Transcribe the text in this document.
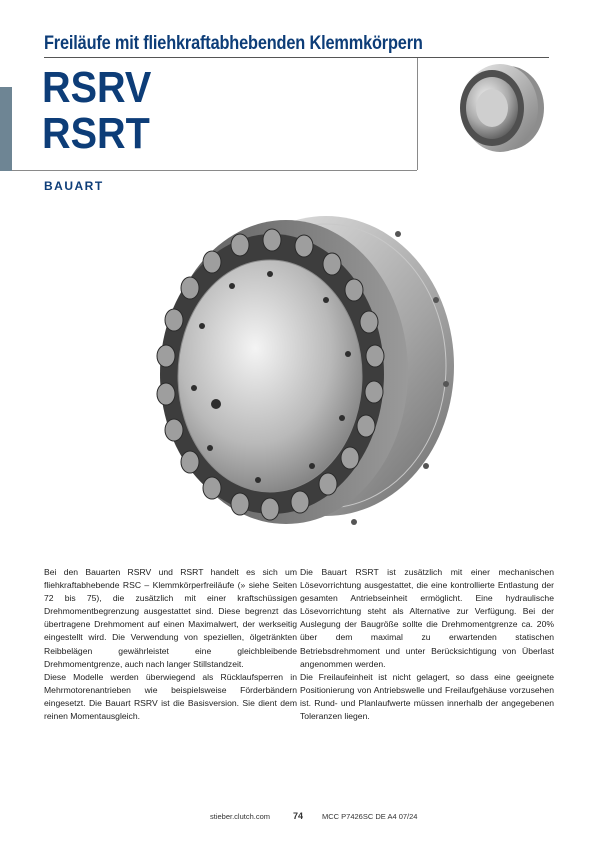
Freiläufe mit fliehkraftabhebenden Klemmkörpern
RSRV
RSRT
BAUART

Bei den Bauarten RSRV und RSRT handelt es sich um fliehkraftabhebende RSC – Klemmkörperfreiläufe (» siehe Seiten 72 bis 75), die zusätzlich mit einer kraftschüssigen Drehmomentbegrenzung ausgestattet sind. Diese begrenzt das übertragene Drehmoment auf einen Maximalwert, der werkseitig eingestellt wird. Die Verwendung von speziellen, ölgetränkten Reibbelägen gewährleistet eine gleichbleibende Drehmomentgrenze, auch nach langer Stillstandzeit.

Diese Modelle werden überwiegend als Rücklaufsperren in Mehrmotorenantrieben wie beispielsweise Förderbändern eingesetzt. Die Bauart RSRV ist die Basisversion. Sie dient dem reinen Momentausgleich.

Die Bauart RSRT ist zusätzlich mit einer mechanischen Lösevorrichtung ausgestattet, die eine kontrollierte Entlastung der gesamten Antriebseinheit ermöglicht. Eine hydraulische Lösevorrichtung steht als Alternative zur Verfügung. Bei der Auslegung der Baugröße sollte die Drehmomentgrenze ca. 20% über dem maximal zu erwartenden statischen Betriebsdrehmoment und unter Berücksichtigung von Überlast angenommen werden.

Die Freilaufeinheit ist nicht gelagert, so dass eine geeignete Positionierung von Antriebswelle und Freilaufgehäuse vorzusehen ist. Rund- und Planlaufwerte müssen innerhalb der angegebenen Toleranzen liegen.

stieber.clutch.com	74	MCC P7426SC DE A4 07/24
